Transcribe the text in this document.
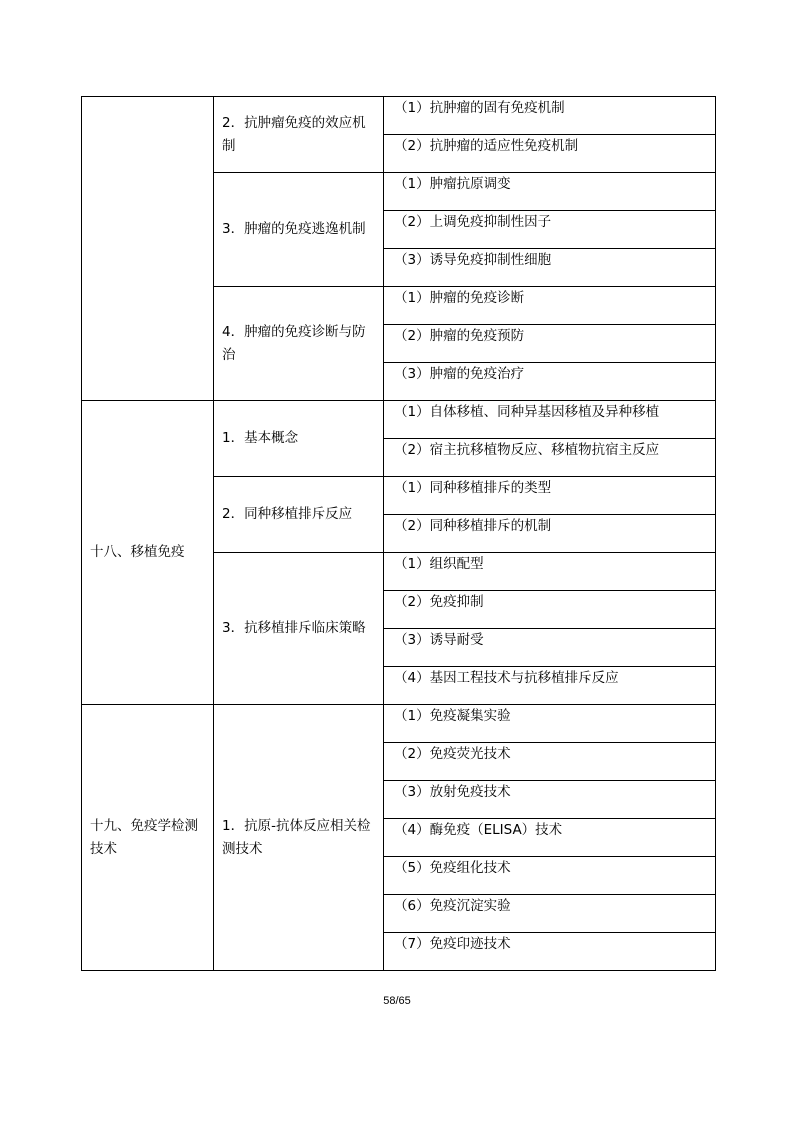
	2．抗肿瘤免疫的效应机制	（1）抗肿瘤的固有免疫机制

		（2）抗肿瘤的适应性免疫机制

	3．肿瘤的免疫逃逸机制	（1）肿瘤抗原调变

		（2）上调免疫抑制性因子

		（3）诱导免疫抑制性细胞

	4．肿瘤的免疫诊断与防治	（1）肿瘤的免疫诊断

		（2）肿瘤的免疫预防

		（3）肿瘤的免疫治疗

十八、移植免疫	1．基本概念	（1）自体移植、同种异基因移植及异种移植

		（2）宿主抗移植物反应、移植物抗宿主反应

	2．同种移植排斥反应	（1）同种移植排斥的类型

		（2）同种移植排斥的机制

	3．抗移植排斥临床策略	（1）组织配型

		（2）免疫抑制

		（3）诱导耐受

		（4）基因工程技术与抗移植排斥反应

十九、免疫学检测技术	1．抗原-抗体反应相关检测技术	（1）免疫凝集实验

		（2）免疫荧光技术

		（3）放射免疫技术

		（4）酶免疫（ELISA）技术

		（5）免疫组化技术

		（6）免疫沉淀实验

		（7）免疫印迹技术
58/65
